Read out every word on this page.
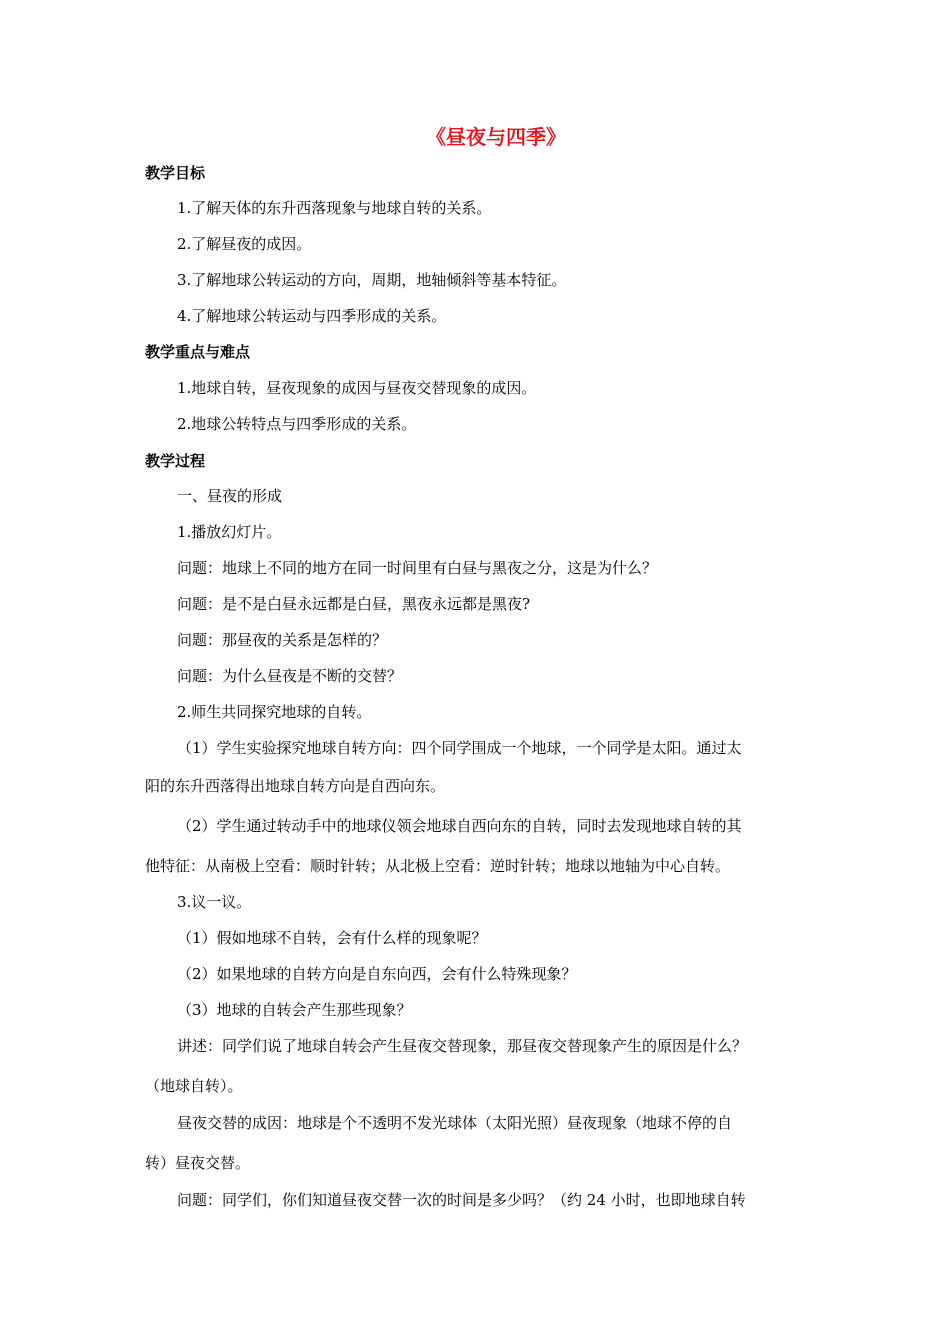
《昼夜与四季》
教学目标
1.了解天体的东升西落现象与地球自转的关系。
2.了解昼夜的成因。
3.了解地球公转运动的方向，周期，地轴倾斜等基本特征。
4.了解地球公转运动与四季形成的关系。
教学重点与难点
1.地球自转，昼夜现象的成因与昼夜交替现象的成因。
2.地球公转特点与四季形成的关系。
教学过程
一、昼夜的形成
1.播放幻灯片。
问题：地球上不同的地方在同一时间里有白昼与黑夜之分，这是为什么？
问题：是不是白昼永远都是白昼，黑夜永远都是黑夜?
问题：那昼夜的关系是怎样的？
问题：为什么昼夜是不断的交替？
2.师生共同探究地球的自转。
（1）学生实验探究地球自转方向：四个同学围成一个地球，一个同学是太阳。通过太
阳的东升西落得出地球自转方向是自西向东。
（2）学生通过转动手中的地球仪领会地球自西向东的自转，同时去发现地球自转的其
他特征：从南极上空看：顺时针转；从北极上空看：逆时针转；地球以地轴为中心自转。
3.议一议。
（1）假如地球不自转，会有什么样的现象呢？
（2）如果地球的自转方向是自东向西，会有什么特殊现象？
（3）地球的自转会产生那些现象？
讲述：同学们说了地球自转会产生昼夜交替现象，那昼夜交替现象产生的原因是什么？
（地球自转）。
昼夜交替的成因：地球是个不透明不发光球体（太阳光照）昼夜现象（地球不停的自
转）昼夜交替。
问题：同学们，你们知道昼夜交替一次的时间是多少吗？（约 24 小时，也即地球自转
